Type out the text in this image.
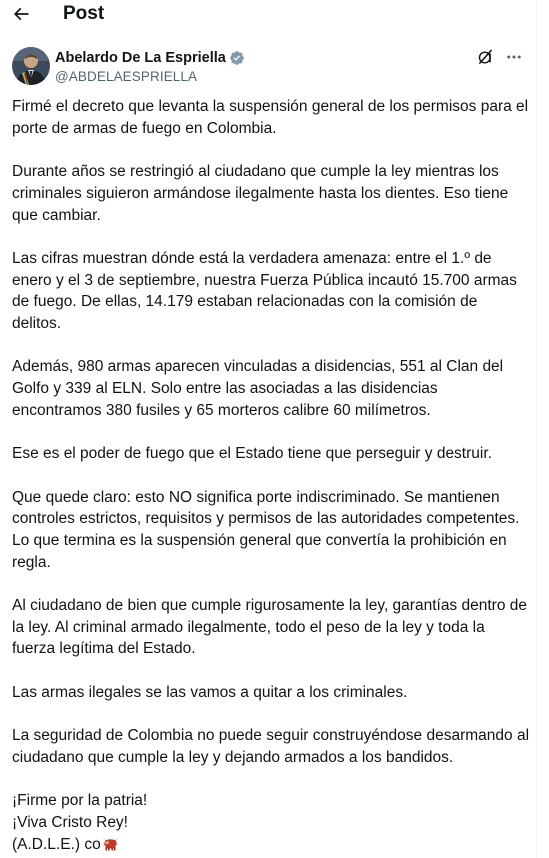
Post
Abelardo De La Espriella
@ABDELAESPRIELLA
Firmé el decreto que levanta la suspensión general de los permisos para el porte de armas de fuego en Colombia.
Durante años se restringió al ciudadano que cumple la ley mientras los criminales siguieron armándose ilegalmente hasta los dientes. Eso tiene que cambiar.
Las cifras muestran dónde está la verdadera amenaza: entre el 1.º de enero y el 3 de septiembre, nuestra Fuerza Pública incautó 15.700 armas de fuego. De ellas, 14.179 estaban relacionadas con la comisión de delitos.
Además, 980 armas aparecen vinculadas a disidencias, 551 al Clan del Golfo y 339 al ELN. Solo entre las asociadas a las disidencias encontramos 380 fusiles y 65 morteros calibre 60 milímetros.
Ese es el poder de fuego que el Estado tiene que perseguir y destruir.
Que quede claro: esto NO significa porte indiscriminado. Se mantienen controles estrictos, requisitos y permisos de las autoridades competentes. Lo que termina es la suspensión general que convertía la prohibición en regla.
Al ciudadano de bien que cumple rigurosamente la ley, garantías dentro de la ley. Al criminal armado ilegalmente, todo el peso de la ley y toda la fuerza legítima del Estado.
Las armas ilegales se las vamos a quitar a los criminales.
La seguridad de Colombia no puede seguir construyéndose desarmando al ciudadano que cumple la ley y dejando armados a los bandidos.
¡Firme por la patria!
¡Viva Cristo Rey!
(A.D.L.E.) co
